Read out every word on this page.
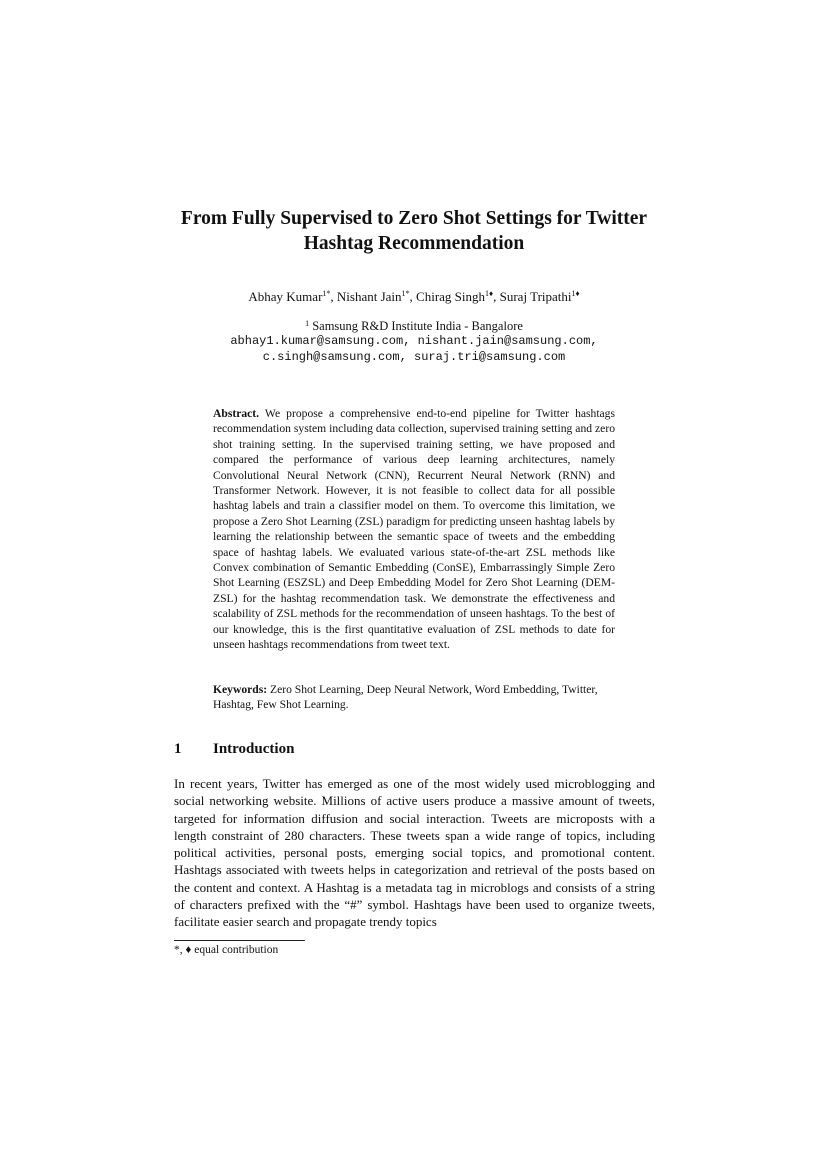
From Fully Supervised to Zero Shot Settings for Twitter
Hashtag Recommendation
Abhay Kumar$^{1*}$, Nishant Jain$^{1*}$, Chirag Singh$^{1♦}$, Suraj Tripathi$^{1♦}$
$^1$ Samsung R&D Institute India - Bangalore
abhay1.kumar@samsung.com, nishant.jain@samsung.com,
c.singh@samsung.com, suraj.tri@samsung.com
Abstract. We propose a comprehensive end-to-end pipeline for Twitter hashtags recommendation system including data collection, supervised training setting and zero shot training setting. In the supervised training setting, we have proposed and compared the performance of various deep learning architectures, namely Convolutional Neural Network (CNN), Recurrent Neural Network (RNN) and Transformer Network. However, it is not feasible to collect data for all possible hashtag labels and train a classifier model on them. To overcome this limitation, we propose a Zero Shot Learning (ZSL) paradigm for predicting unseen hashtag labels by learning the relationship between the semantic space of tweets and the embedding space of hashtag labels. We evaluated various state-of-the-art ZSL methods like Convex combination of Semantic Embedding (ConSE), Embarrassingly Simple Zero Shot Learning (ESZSL) and Deep Embedding Model for Zero Shot Learning (DEM-ZSL) for the hashtag recommendation task. We demonstrate the effectiveness and scalability of ZSL methods for the recommendation of unseen hashtags. To the best of our knowledge, this is the first quantitative evaluation of ZSL methods to date for unseen hashtags recommendations from tweet text.
Keywords: Zero Shot Learning, Deep Neural Network, Word Embedding, Twitter, Hashtag, Few Shot Learning.
1 Introduction
In recent years, Twitter has emerged as one of the most widely used microblogging and social networking website. Millions of active users produce a massive amount of tweets, targeted for information diffusion and social interaction. Tweets are microposts with a length constraint of 280 characters. These tweets span a wide range of topics, including political activities, personal posts, emerging social topics, and promotional content. Hashtags associated with tweets helps in categorization and retrieval of the posts based on the content and context. A Hashtag is a metadata tag in microblogs and consists of a string of characters prefixed with the “#” symbol. Hashtags have been used to organize tweets, facilitate easier search and propagate trendy topics
*, ♦ equal contribution
